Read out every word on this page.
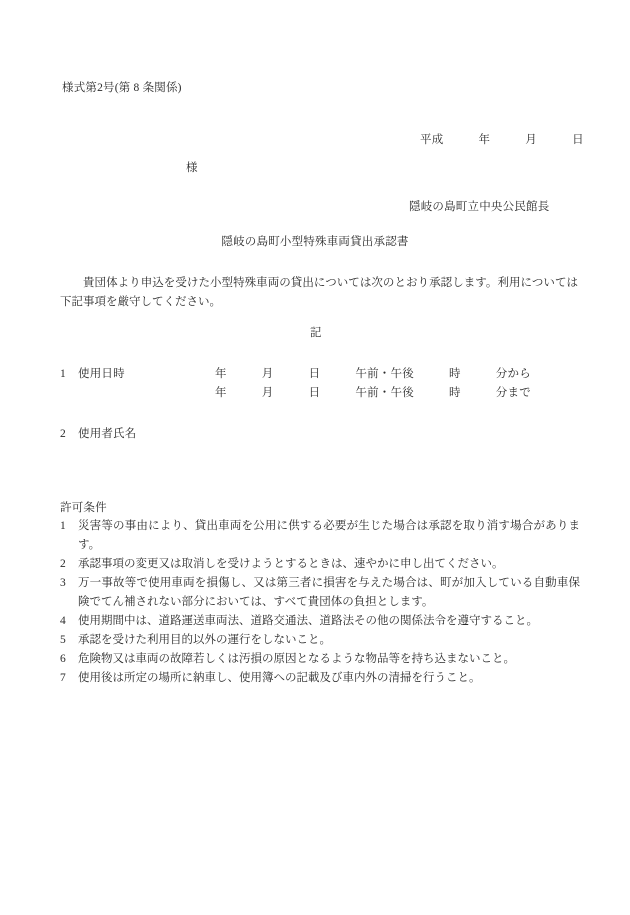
様式第2号(第 8 条関係)
平成　　　年　　　月　　　日
様
隠岐の島町立中央公民館長
隠岐の島町小型特殊車両貸出承認書
貴団体より申込を受けた小型特殊車両の貸出については次のとおり承認します。利用については下記事項を厳守してください。
記
1 使用日時	年　　　月　　　日　　　午前・午後　　　時　　　分から
年　　　月　　　日　　　午前・午後　　　時　　　分まで
2 使用者氏名
許可条件
1	災害等の事由により、貸出車両を公用に供する必要が生じた場合は承認を取り消す場合があります。
2	承認事項の変更又は取消しを受けようとするときは、速やかに申し出てください。
3	万一事故等で使用車両を損傷し、又は第三者に損害を与えた場合は、町が加入している自動車保険でてん補されない部分においては、すべて貴団体の負担とします。
4	使用期間中は、道路運送車両法、道路交通法、道路法その他の関係法令を遵守すること。
5	承認を受けた利用目的以外の運行をしないこと。
6	危険物又は車両の故障若しくは汚損の原因となるような物品等を持ち込まないこと。
7	使用後は所定の場所に納車し、使用簿への記載及び車内外の清掃を行うこと。
